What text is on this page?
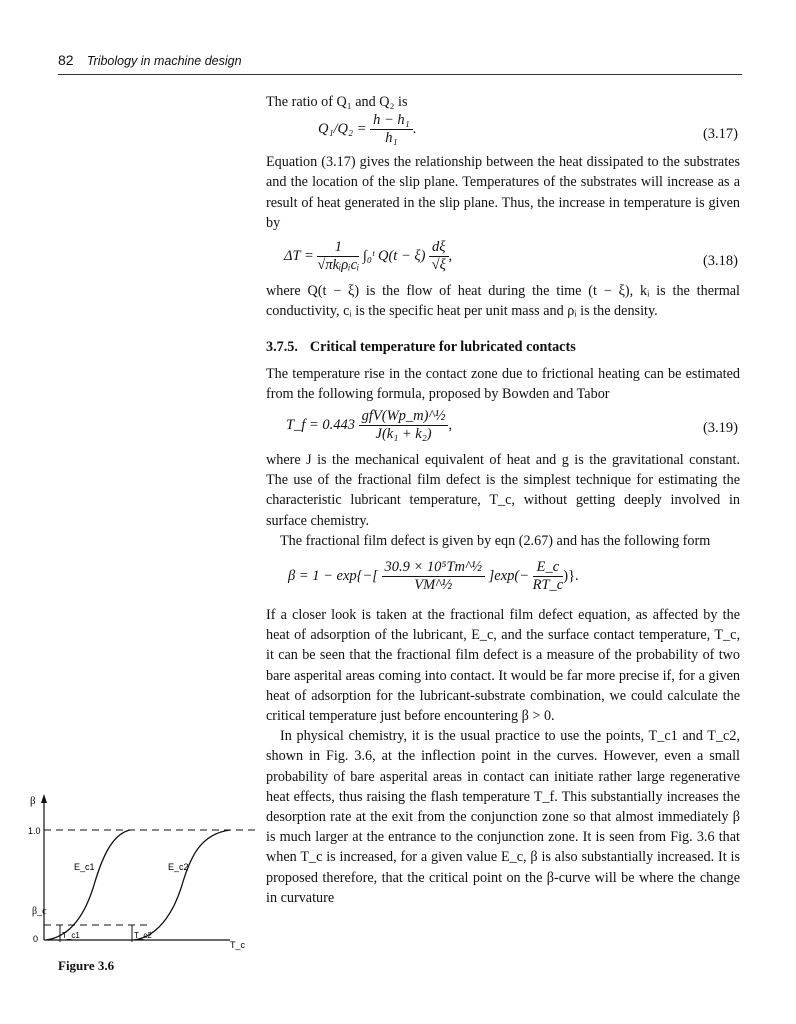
82 Tribology in machine design

The ratio of Q₁ and Q₂ is

$Q_1/Q_2 = \frac{\text{h − h₁}}{\text{h₁}}$ .	(3.17)

Equation (3.17) gives the relationship between the heat dissipated to the substrates and the location of the slip plane. Temperatures of the substrates will increase as a result of heat generated in the slip plane. Thus, the increase in temperature is given by

$\Delta T = \frac{1}{\text{√πkᵢρᵢcᵢ}}$ ∫₀ᵗ $Q(t - \xi) \frac{d\xi}{√\xi}$ ,	(3.18)

where Q(t − ξ) is the flow of heat during the time (t − ξ), kᵢ is the thermal conductivity, cᵢ is the specific heat per unit mass and ρᵢ is the density.

3.7.5. Critical temperature for lubricated contacts

The temperature rise in the contact zone due to frictional heating can be estimated from the following formula, proposed by Bowden and Tabor

T_f = $0.443 \frac{\text{gfV(Wp\_m)\textasciicircum{}½}}{\text{J(k₁ + k₂)}}$ ,	(3.19)

where J is the mechanical equivalent of heat and g is the gravitational constant. The use of the fractional film defect is the simplest technique for estimating the characteristic lubricant temperature, T_c, without getting deeply involved in surface chemistry.

The fractional film defect is given by eqn (2.67) and has the following form

$\beta = 1 - \exp\{-[ \frac{\text{30.9 × 10⁵Tm\textasciicircum{}½}}{\text{VM\textasciicircum{}½}} ]\exp(- \frac{E\_c}{RT\_c}$ )}.

If a closer look is taken at the fractional film defect equation, as affected by the heat of adsorption of the lubricant, E_c, and the surface contact temperature, T_c, it can be seen that the fractional film defect is a measure of the probability of two bare asperital areas coming into contact. It would be far more precise if, for a given heat of adsorption for the lubricant-substrate combination, we could calculate the critical temperature just before encountering β > 0.

In physical chemistry, it is the usual practice to use the points, T_c1 and T_c2, shown in Fig. 3.6, at the inflection point in the curves. However, even a small probability of bare asperital areas in contact can initiate rather large regenerative heat effects, thus raising the flash temperature T_f. This substantially increases the desorption rate at the exit from the conjunction zone so that almost immediately β is much larger at the entrance to the conjunction zone. It is seen from Fig. 3.6 that when T_c is increased, for a given value E_c, β is also substantially increased. It is proposed therefore, that the critical point on the β-curve will be where the change in curvature

β
1.0
β_c
0
E_c1	E_c2
T_c1	T_c2
T_c
Figure 3.6
